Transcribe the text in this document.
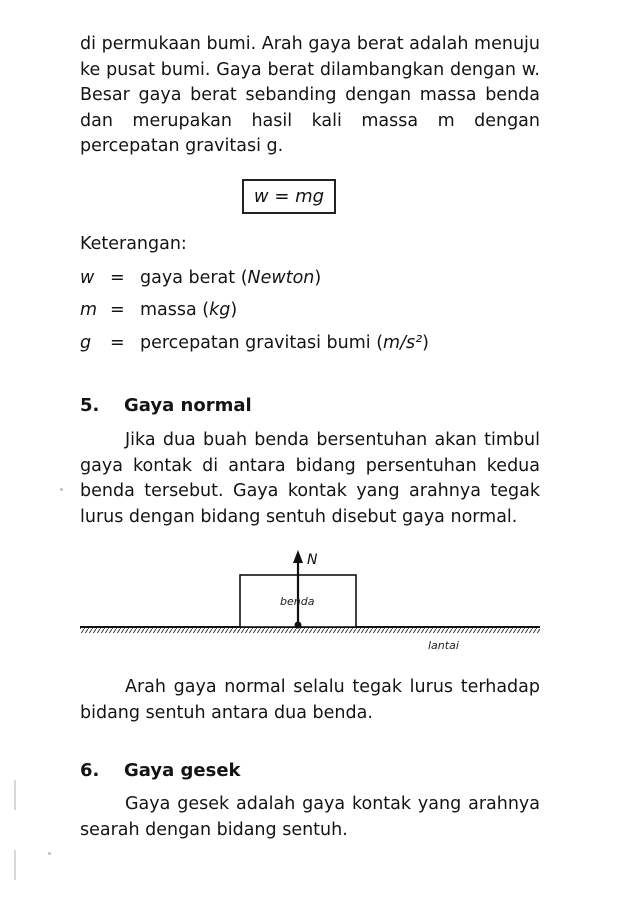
di permukaan bumi. Arah gaya berat adalah menuju ke pusat bumi. Gaya berat dilambangkan dengan w. Besar gaya berat sebanding dengan massa benda dan merupakan hasil kali massa m dengan percepatan gravitasi g.

w = mg
Keterangan:
w = gaya berat ( Newton )
m = massa ( kg )
g	= percepatan gravitasi bumi ( m/s² )
5.	Gaya normal

Jika dua buah benda bersentuhan akan timbul gaya kontak di antara bidang persentuhan kedua benda tersebut. Gaya kontak yang arahnya tegak lurus dengan bidang sentuh disebut gaya normal.

N
benda
lantai

Arah gaya normal selalu tegak lurus terhadap bidang sentuh antara dua benda.

6.	Gaya gesek

Gaya gesek adalah gaya kontak yang arahnya searah dengan bidang sentuh.
